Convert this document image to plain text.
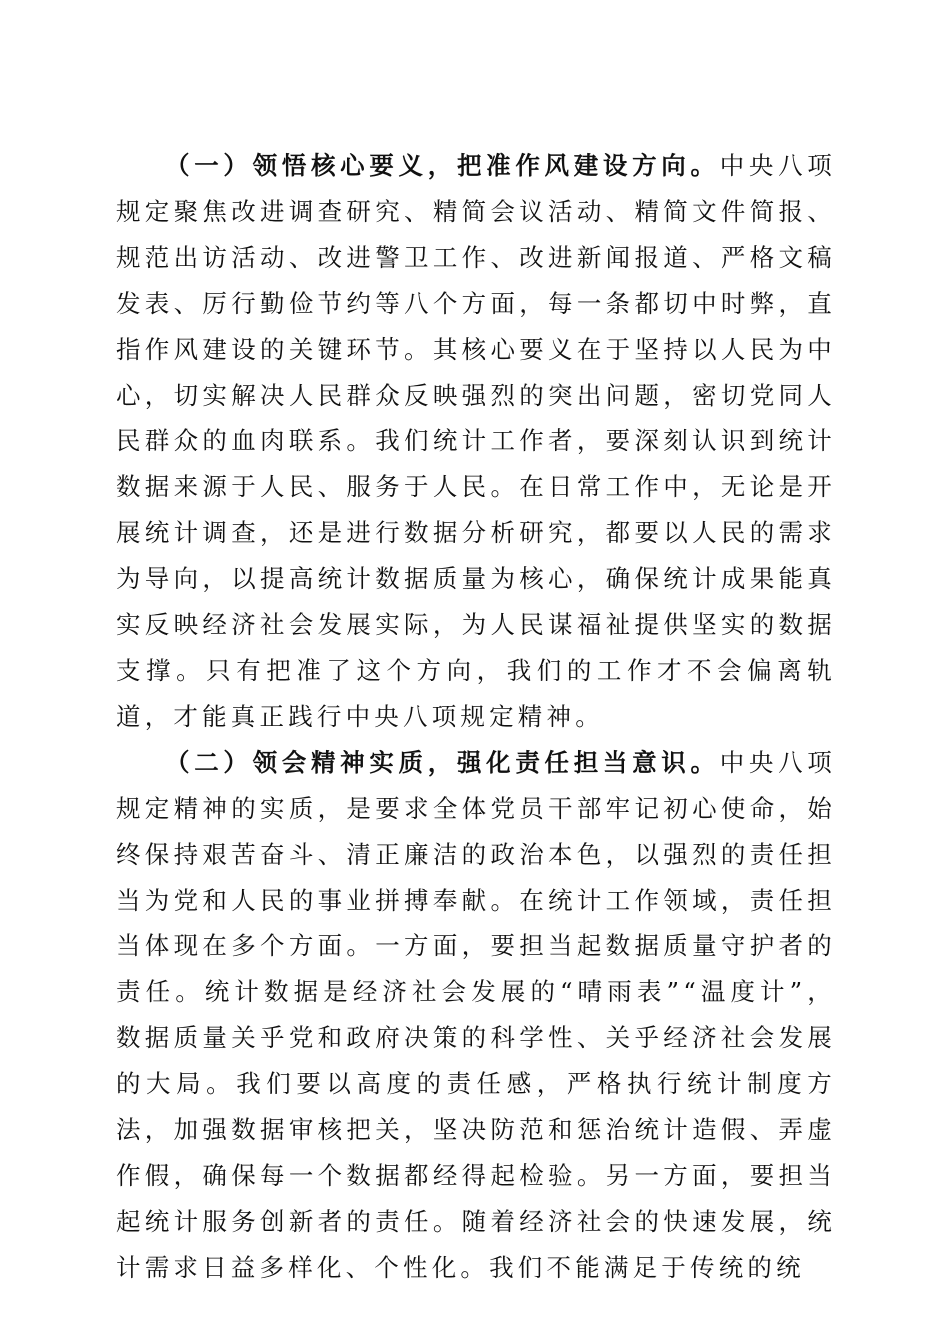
（一）领悟核心要义，把准作风建设方向。中央八项规定聚焦改进调查研究、精简会议活动、精简文件简报、规范出访活动、改进警卫工作、改进新闻报道、严格文稿发表、厉行勤俭节约等八个方面，每一条都切中时弊，直指作风建设的关键环节。其核心要义在于坚持以人民为中心，切实解决人民群众反映强烈的突出问题，密切党同人民群众的血肉联系。我们统计工作者，要深刻认识到统计数据来源于人民、服务于人民。在日常工作中，无论是开展统计调查，还是进行数据分析研究，都要以人民的需求为导向，以提高统计数据质量为核心，确保统计成果能真实反映经济社会发展实际，为人民谋福祉提供坚实的数据支撑。只有把准了这个方向，我们的工作才不会偏离轨道，才能真正践行中央八项规定精神。

（二）领会精神实质，强化责任担当意识。中央八项规定精神的实质，是要求全体党员干部牢记初心使命，始终保持艰苦奋斗、清正廉洁的政治本色，以强烈的责任担当为党和人民的事业拼搏奉献。在统计工作领域，责任担当体现在多个方面。一方面，要担当起数据质量守护者的责任。统计数据是经济社会发展的“晴雨表”“温度计”，数据质量关乎党和政府决策的科学性、关乎经济社会发展的大局。我们要以高度的责任感，严格执行统计制度方法，加强数据审核把关，坚决防范和惩治统计造假、弄虚作假，确保每一个数据都经得起检验。另一方面，要担当起统计服务创新者的责任。随着经济社会的快速发展，统计需求日益多样化、个性化。我们不能满足于传统的统
